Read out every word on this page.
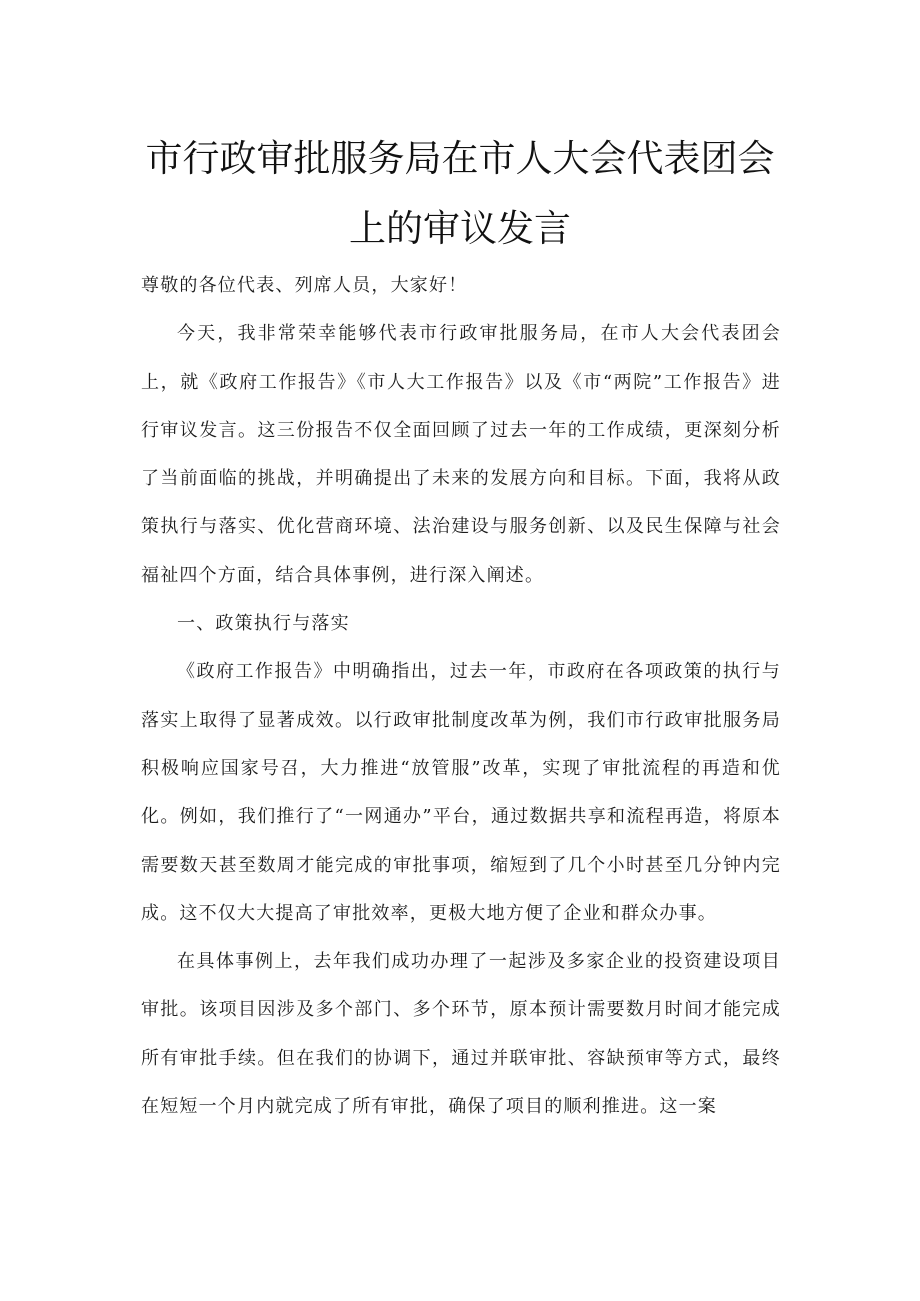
市行政审批服务局在市人大会代表团会
上的审议发言

尊敬的各位代表、列席人员，大家好！

今天，我非常荣幸能够代表市行政审批服务局，在市人大会代表团会上，就《政府工作报告》《市人大工作报告》以及《市“两院”工作报告》进行审议发言。这三份报告不仅全面回顾了过去一年的工作成绩，更深刻分析了当前面临的挑战，并明确提出了未来的发展方向和目标。下面，我将从政策执行与落实、优化营商环境、法治建设与服务创新、以及民生保障与社会福祉四个方面，结合具体事例，进行深入阐述。

一、政策执行与落实

《政府工作报告》中明确指出，过去一年，市政府在各项政策的执行与落实上取得了显著成效。以行政审批制度改革为例，我们市行政审批服务局积极响应国家号召，大力推进“放管服”改革，实现了审批流程的再造和优化。例如，我们推行了“一网通办”平台，通过数据共享和流程再造，将原本需要数天甚至数周才能完成的审批事项，缩短到了几个小时甚至几分钟内完成。这不仅大大提高了审批效率，更极大地方便了企业和群众办事。

在具体事例上，去年我们成功办理了一起涉及多家企业的投资建设项目审批。该项目因涉及多个部门、多个环节，原本预计需要数月时间才能完成所有审批手续。但在我们的协调下，通过并联审批、容缺预审等方式，最终在短短一个月内就完成了所有审批，确保了项目的顺利推进。这一案
